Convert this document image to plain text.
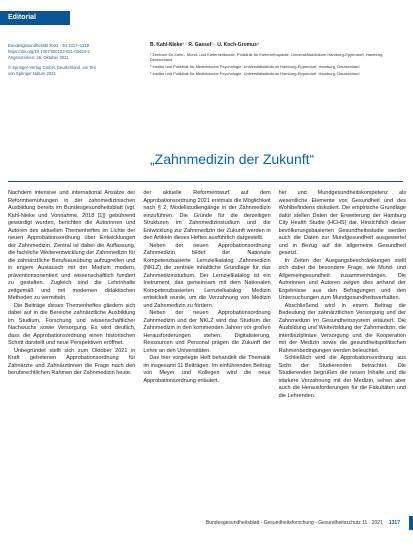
Editorial
Bundesgesundheitsbl 2021 · 64:1317–1318
https://doi.org/10.1007/s00103-021-03424-2
Angenommen: 26. Oktober 2021
© Springer-Verlag GmbH, Deutschland, ein Teil
von Springer Nature 2021
B. Kahl-Nieke¹ · R. Gassel² · U. Koch-Gromus³
¹ Zentrum für Zahn-, Mund- und Kieferheilkunde, Poliklinik für Kieferorthopädie, Universitätsklinikum Hamburg-Eppendorf, Hamburg, Deutschland
² Institut und Poliklinik für Medizinische Psychologie, Universitätsklinikum Hamburg-Eppendorf, Hamburg, Deutschland
³ Institut und Poliklinik für Medizinische Psychologie, Universitätsklinikum Hamburg-Eppendorf, Hamburg, Deutschland
„Zahnmedizin der Zukunft“

Nachdem intensive und international Ansätze der Reformbemühungen in der zahnmedizinischen Ausbildung bereits im Bundesgesundheitsblatt (vgl. Kahl-Nieke und Vonnahme, 2018 [1]) gebührend gewürdigt wurden, berichten die Autorinnen und Autoren des aktuellen Themenheftes im Lichte der neuen Approbationsordnung über Entwicklungen der Zahnmedizin. Zentral ist dabei die Auffassung, die fachliche Weiterentwicklung der Zahnmedizin für die zahnärztliche Berufsausübung aufzugreifen und in engem Austausch mit der Medizin modern, präventionsorientiert und wissenschaftlich fundiert zu gestalten. Zugleich sind die Lehrinhalte zeitgemäß und mit modernen didaktischen Methoden zu vermitteln.

Die Beiträge dieses Themenheftes gliedern sich dabei auf in die Bereiche zahnärztliche Ausbildung im Studium, Forschung und wissenschaftlicher Nachwuchs sowie Versorgung. Es wird deutlich, dass die Approbationsordnung einen historischen Schritt darstellt und neue Perspektiven eröffnet.

Unbegründet stellt sich zum Oktober 2021 in Kraft getretenen Approbationsordnung für Zahnärzte und Zahnärztinnen die Frage nach den berufsrechtlichen Rahmen der Zahnmedizin heute.

der aktuelle Reformentwurf auf dem Approbationsordnung 2021 erstmals die Möglichkeit nach § 2, Modellstudiengänge in der Zahnmedizin einzuführen. Die Gründe für die derzeitigen Strukturen im Zahnmedizinstudium und die Entwicklung zur Zahnmedizin der Zukunft werden in den Artikeln dieses Heftes ausführlich dargestellt.

Neben der neuen Approbationsordnung Zahnmedizin bildet der Nationale Kompetenzbasierte Lernzielkatalog Zahnmedizin (NKLZ) die zentrale inhaltliche Grundlage für das Zahnmedizinstudium. Der Lernzielkatalog ist ein Instrument, das gemeinsam mit dem Nationalen Kompetenzbasierten Lernzielkatalog Medizin entwickelt wurde, um die Verzahnung von Medizin und Zahnmedizin zu fördern.

Neben der neuen Approbationsordnung Zahnmedizin und der NKLZ wird das Studium der Zahnmedizin in den kommenden Jahren vor großen Herausforderungen stehen. Digitalisierung, Ressourcen und Personal prägen die Zukunft der Lehre an den Universitäten.

Das hier vorgelegte Heft behandelt die Thematik im insgesamt 11 Beiträgen. Im einführenden Beitrag von Meyer und Kollegen wird die neue Approbationsordnung erläutert.

her und Mundgesundheitskompetenz als wesentliche Elemente von Gesundheit und des Wohlbefindens diskutiert. Die empirische Grundlage dafür stellen Daten der Erweiterung der Hamburg City Health Studie (HCHS) dar. Hinsichtlich dieser bevölkerungsbasierten Gesundheitsstudie werden auch die Daten zur Mundgesundheit ausgewertet und in Bezug auf die allgemeine Gesundheit gesetzt.

In Zeiten der Ausgangsbeschränkungen stellt sich dabei die besondere Frage, wie Mund- und Allgemeingesundheit zusammenhängen. Die Autorinnen und Autoren zeigen dies anhand der Ergebnisse aus den Befragungen und den Untersuchungen zum Mundgesundheitsverhalten.

Abschließend wird in einem Beitrag die Bedeutung der zahnärztlichen Versorgung und der Zahnmedizin im Gesundheitssystem erläutert. Die Ausbildung und Weiterbildung der Zahnmedizin, die interdisziplinäre Versorgung und die Kooperation mit der Medizin sowie die gesundheitspolitischen Rahmenbedingungen werden beleuchtet.

Schließlich wird die Approbationsordnung aus Sicht der Studierenden betrachtet. Die Studierenden begrüßen die neuen Inhalte und die stärkere Verzahnung mit der Medizin, sehen aber auch die Herausforderungen für die Fakultäten und die Lehrenden.

Bundesgesundheitsblatt - Gesundheitsforschung - Gesundheitsschutz 11 · 2021 1317
